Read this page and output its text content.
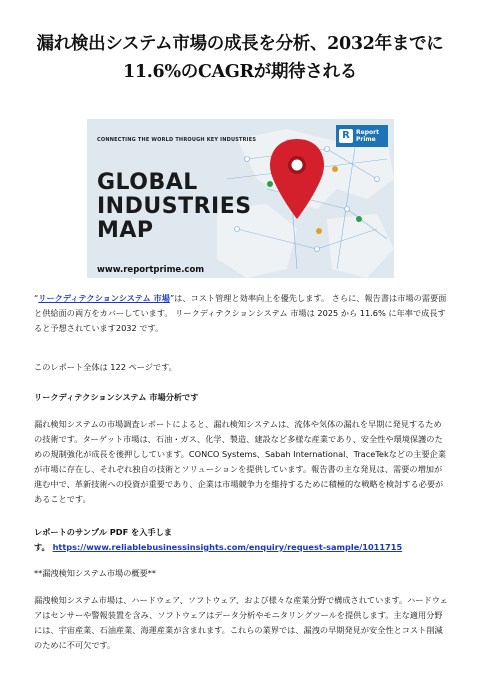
漏れ検出システム市場の成長を分析、2032年までに11.6%のCAGRが期待される
CONNECTING THE WORLD THROUGH KEY INDUSTRIES
GLOBAL
INDUSTRIES
MAP
www.reportprime.com
R	Report
Prime
“リークディテクションシステム 市場”は、コスト管理と効率向上を優先します。 さらに、報告書は市場の需要面と供給面の両方をカバーしています。 リークディテクションシステム 市場は 2025 から 11.6% に年率で成長すると予想されています2032 です。
このレポート全体は 122 ページです。
リークディテクションシステム 市場分析です
漏れ検知システムの市場調査レポートによると、漏れ検知システムは、流体や気体の漏れを早期に発見するための技術です。ターゲット市場は、石油・ガス、化学、製造、建設など多様な産業であり、安全性や環境保護のための規制強化が成長を後押ししています。CONCO Systems、Sabah International、TraceTekなどの主要企業が市場に存在し、それぞれ独自の技術とソリューションを提供しています。報告書の主な発見は、需要の増加が進む中で、革新技術への投資が重要であり、企業は市場競争力を維持するために積極的な戦略を検討する必要があることです。
レポートのサンプル PDF を入手しま
す。 https://www.reliablebusinessinsights.com/enquiry/request-sample/1011715
**漏洩検知システム市場の概要**
漏洩検知システム市場は、ハードウェア、ソフトウェア、および様々な産業分野で構成されています。ハードウェアはセンサーや警報装置を含み、ソフトウェアはデータ分析やモニタリングツールを提供します。主な適用分野には、宇宙産業、石油産業、海運産業が含まれます。これらの業界では、漏洩の早期発見が安全性とコスト削減のために不可欠です。
